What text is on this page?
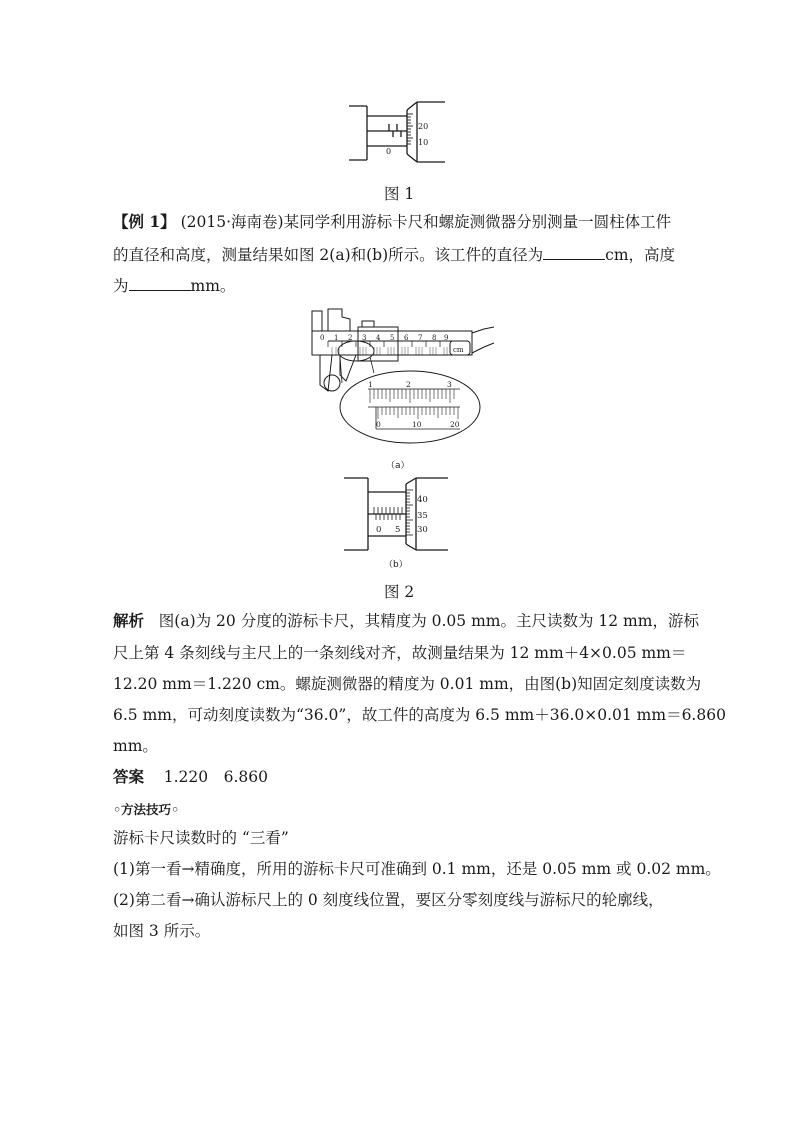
20
10
0
图 1
【例 1】 (2015·海南卷)某同学利用游标卡尺和螺旋测微器分别测量一圆柱体工件
的直径和高度，测量结果如图 2(a)和(b)所示。该工件的直径为	cm，高度
为	mm。
0 1 2 3 4 5 6 7 8 9
cm
1	2	3
0	10	20
（a）
40
35
30
0 5
（b）
图 2
解析 图(a)为 20 分度的游标卡尺，其精度为 0.05 mm。主尺读数为 12 mm，游标
尺上第 4 条刻线与主尺上的一条刻线对齐，故测量结果为 12 mm＋4×0.05 mm＝
12.20 mm＝1.220 cm。螺旋测微器的精度为 0.01 mm，由图(b)知固定刻度读数为
6.5 mm，可动刻度读数为“36.0”，故工件的高度为 6.5 mm＋36.0×0.01 mm＝6.860
mm。
答案 1.220　6.860
◦方法技巧◦
游标卡尺读数时的 “三看”
(1)第一看→精确度，所用的游标卡尺可准确到 0.1 mm，还是 0.05 mm 或 0.02 mm。
(2)第二看→确认游标尺上的 0 刻度线位置，要区分零刻度线与游标尺的轮廓线，
如图 3 所示。
